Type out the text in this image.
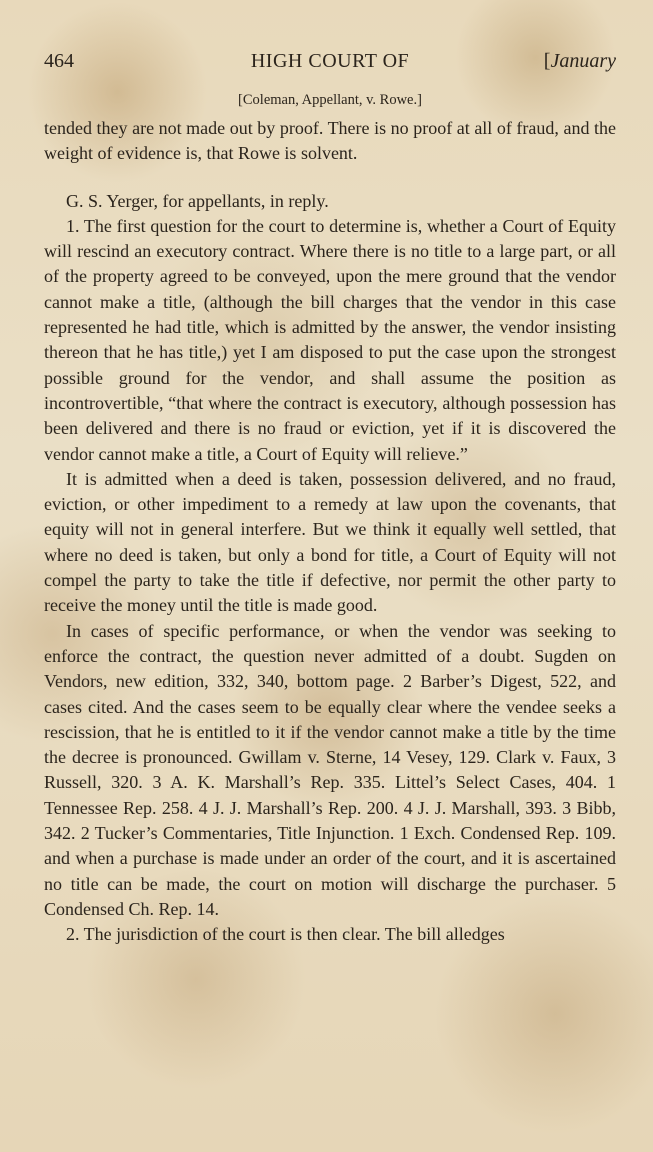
464	HIGH COURT OF	[January
[Coleman, Appellant, v. Rowe.]

tended they are not made out by proof. There is no proof at all of fraud, and the weight of evidence is, that Rowe is solvent.

G. S. Yerger, for appellants, in reply.

1. The first question for the court to determine is, whether a Court of Equity will rescind an executory contract. Where there is no title to a large part, or all of the property agreed to be conveyed, upon the mere ground that the vendor cannot make a title, (although the bill charges that the vendor in this case represented he had title, which is admitted by the answer, the vendor insisting thereon that he has title,) yet I am disposed to put the case upon the strongest possible ground for the vendor, and shall assume the position as incontrovertible, “that where the contract is executory, although possession has been delivered and there is no fraud or eviction, yet if it is discovered the vendor cannot make a title, a Court of Equity will relieve.”

It is admitted when a deed is taken, possession delivered, and no fraud, eviction, or other impediment to a remedy at law upon the covenants, that equity will not in general interfere. But we think it equally well settled, that where no deed is taken, but only a bond for title, a Court of Equity will not compel the party to take the title if defective, nor permit the other party to receive the money until the title is made good.

In cases of specific performance, or when the vendor was seeking to enforce the contract, the question never admitted of a doubt. Sugden on Vendors, new edition, 332, 340, bottom page. 2 Barber’s Digest, 522, and cases cited. And the cases seem to be equally clear where the vendee seeks a rescission, that he is entitled to it if the vendor cannot make a title by the time the decree is pronounced. Gwillam v. Sterne, 14 Vesey, 129. Clark v. Faux, 3 Russell, 320. 3 A. K. Marshall’s Rep. 335. Littel’s Select Cases, 404. 1 Tennessee Rep. 258. 4 J. J. Marshall’s Rep. 200. 4 J. J. Marshall, 393. 3 Bibb, 342. 2 Tucker’s Commentaries, Title Injunction. 1 Exch. Condensed Rep. 109. and when a purchase is made under an order of the court, and it is ascertained no title can be made, the court on motion will discharge the purchaser. 5 Condensed Ch. Rep. 14.

2. The jurisdiction of the court is then clear. The bill alledges
